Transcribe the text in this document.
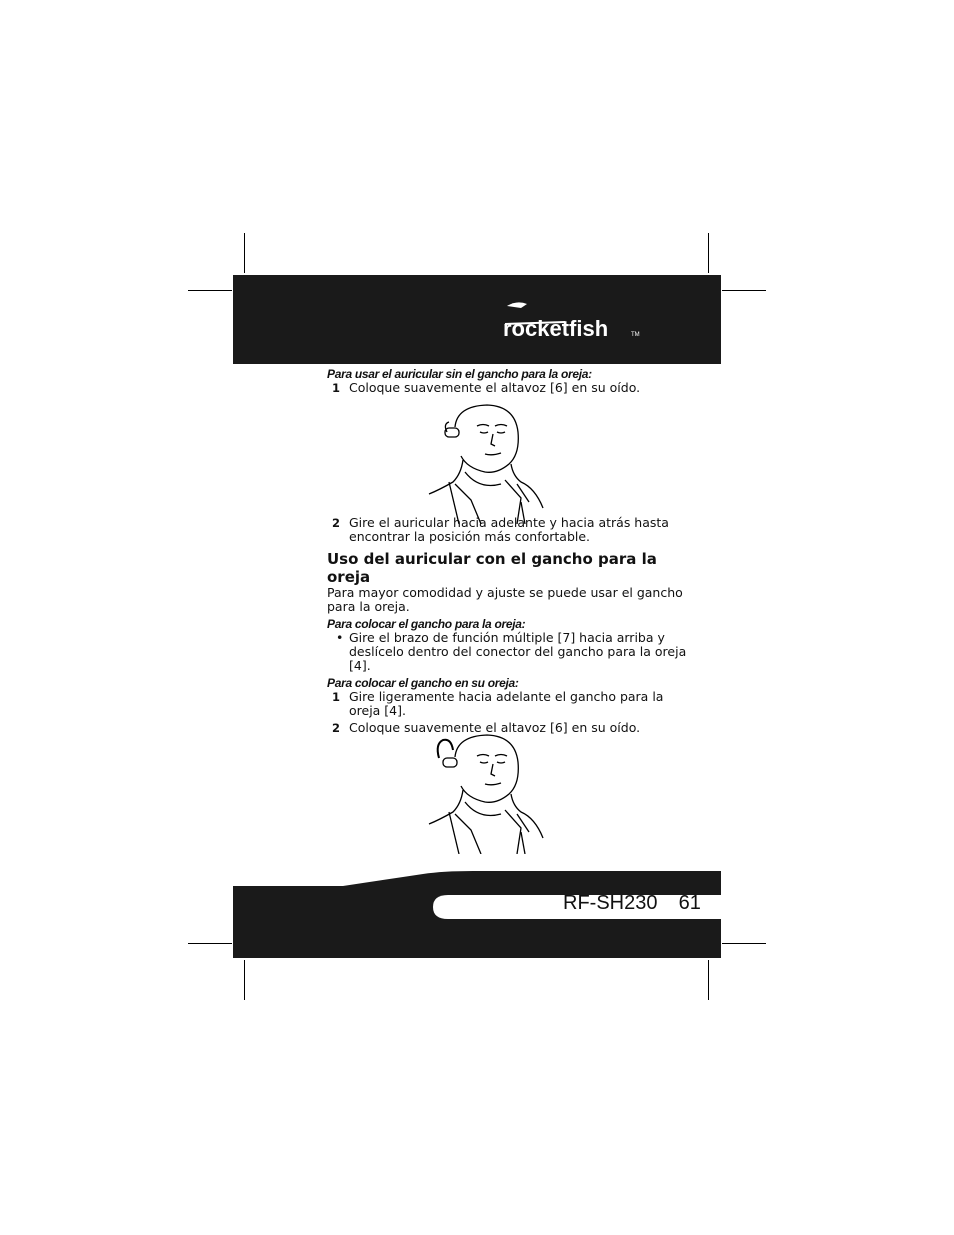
rocketfish	TM
Para usar el auricular sin el gancho para la oreja:
1 Coloque suavemente el altavoz [6] en su oído.
2 Gire el auricular hacia adelante y hacia atrás hasta encontrar la posición más confortable.
Uso del auricular con el gancho para la oreja
Para mayor comodidad y ajuste se puede usar el gancho para la oreja.
Para colocar el gancho para la oreja:
• Gire el brazo de función múltiple [7] hacia arriba y deslícelo dentro del conector del gancho para la oreja [4].
Para colocar el gancho en su oreja:
1 Gire ligeramente hacia adelante el gancho para la oreja [4].
2 Coloque suavemente el altavoz [6] en su oído.
RF-SH230 61
